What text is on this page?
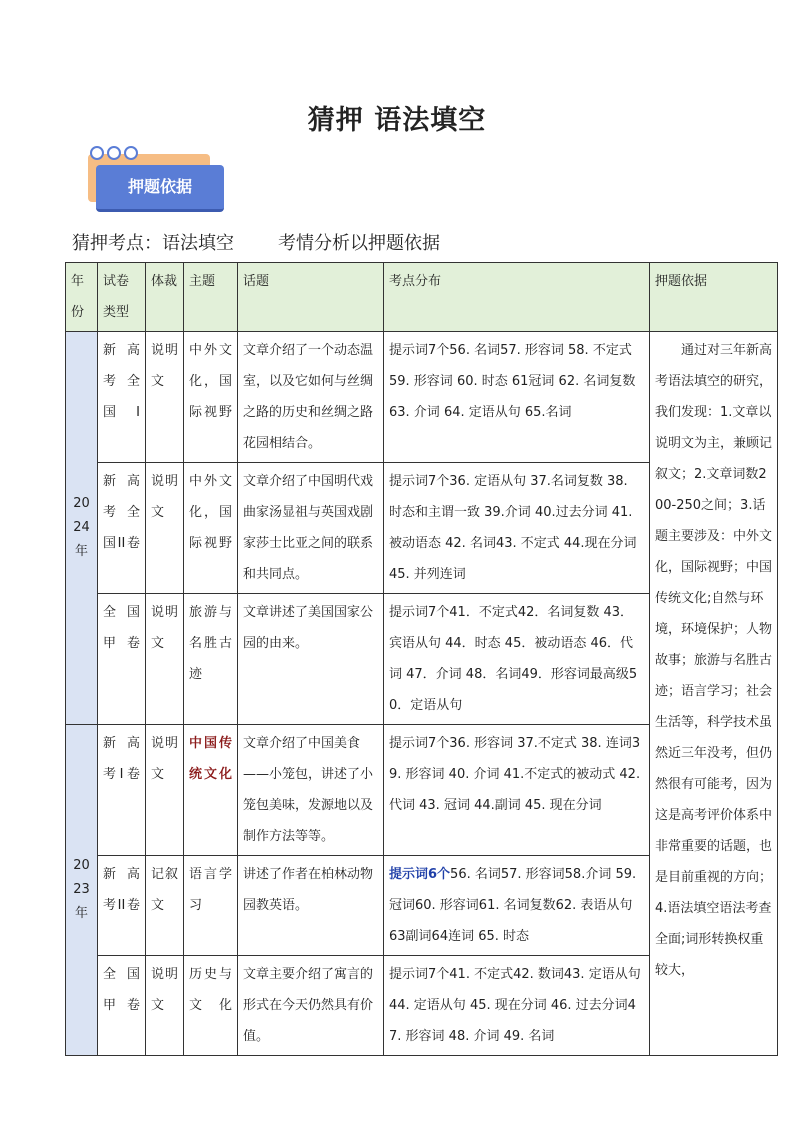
猜押 语法填空
押题依据
猜押考点：语法填空 考情分析以押题依据
年份	试卷类型	体裁	主题	话题	考点分布	押题依据
2024年	新高考全国I	说明文	中外文化，国际视野	文章介绍了一个动态温室，以及它如何与丝绸之路的历史和丝绸之路花园相结合。	提示词7个56. 名词57. 形容词 58. 不定式 59. 形容词 60. 时态 61冠词 62. 名词复数 63. 介词 64. 定语从句 65.名词	通过对三年新高考语法填空的研究，我们发现：1.文章以说明文为主，兼顾记叙文；2.文章词数200-250之间；3.话题主要涉及：中外文化，国际视野；中国传统文化;自然与环境，环境保护；人物故事；旅游与名胜古迹；语言学习；社会生活等，科学技术虽然近三年没考，但仍然很有可能考，因为这是高考评价体系中非常重要的话题，也是目前重视的方向；4.语法填空语法考查全面;词形转换权重较大，
	新高考全国II卷	说明文	中外文化，国际视野	文章介绍了中国明代戏曲家汤显祖与英国戏剧家莎士比亚之间的联系和共同点。	提示词7个36. 定语从句 37.名词复数 38. 时态和主谓一致 39.介词 40.过去分词 41. 被动语态 42. 名词43. 不定式 44.现在分词 45. 并列连词	
	全国甲卷	说明文	旅游与名胜古迹	文章讲述了美国国家公园的由来。	提示词7个41．不定式42．名词复数 43．宾语从句 44．时态 45．被动语态 46．代词 47．介词 48．名词49．形容词最高级50．定语从句	
2023年	新高考I卷	说明文	中国传统文化	文章介绍了中国美食——小笼包，讲述了小笼包美味，发源地以及制作方法等等。	提示词7个36. 形容词 37.不定式 38. 连词39. 形容词 40. 介词 41.不定式的被动式 42. 代词 43. 冠词 44.副词 45. 现在分词	
	新高考II卷	记叙文	语言学习	讲述了作者在柏林动物园教英语。	提示词6个56. 名词57. 形容词58.介词 59. 冠词60. 形容词61. 名词复数62. 表语从句 63副词64连词 65. 时态	
	全国甲卷	说明文	历史与文化	文章主要介绍了寓言的形式在今天仍然具有价值。	提示词7个41. 不定式42. 数词43. 定语从句 44. 定语从句 45. 现在分词 46. 过去分词47. 形容词 48. 介词 49. 名词	
